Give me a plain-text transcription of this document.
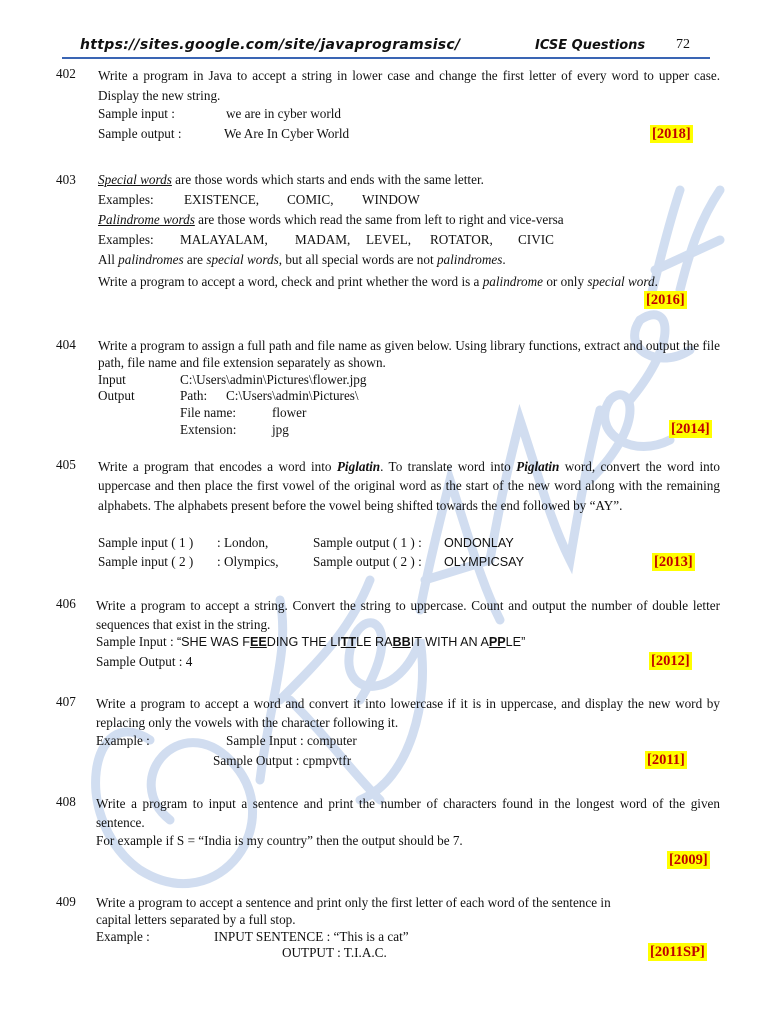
https://sites.google.com/site/javaprogramsisc/	ICSE Questions 72
402 Write a program in Java to accept a string in lower case and change the first letter of every word to upper case. Display the new string.
Sample input :	we are in cyber world
Sample output :	We Are In Cyber World	[2018]
403 Special words are those words which starts and ends with the same letter.
Examples: EXISTENCE, COMIC, WINDOW
Palindrome words are those words which read the same from left to right and vice-versa
Examples: MALAYALAM, MADAM, LEVEL, ROTATOR, CIVIC
All palindromes are special words, but all special words are not palindromes.
Write a program to accept a word, check and print whether the word is a palindrome or only special word.
[2016]
404 Write a program to assign a full path and file name as given below. Using library functions, extract and output the file path, file name and file extension separately as shown.
Input	C:\Users\admin\Pictures\flower.jpg
Output	Path: C:\Users\admin\Pictures\
File name:	flower
Extension:	jpg	[2014]
405 Write a program that encodes a word into Piglatin. To translate word into Piglatin word, convert the word into uppercase and then place the first vowel of the original word as the start of the new word along with the remaining alphabets. The alphabets present before the vowel being shifted towards the end followed by “AY”.
Sample input ( 1 ) : London,	Sample output ( 1 ) : ONDONLAY
Sample input ( 2 ) : Olympics,	Sample output ( 2 ) : OLYMPICSAY	[2013]
406 Write a program to accept a string. Convert the string to uppercase. Count and output the number of double letter sequences that exist in the string.
Sample Input : “SHE WAS FEEDING THE LITTLE RABBIT WITH AN APPLE”
Sample Output : 4	[2012]
407 Write a program to accept a word and convert it into lowercase if it is in uppercase, and display the new word by replacing only the vowels with the character following it.
Example :	Sample Input : computer
Sample Output : cpmpvtfr	[2011]
408 Write a program to input a sentence and print the number of characters found in the longest word of the given sentence.
For example if S = “India is my country” then the output should be 7.
[2009]
409 Write a program to accept a sentence and print only the first letter of each word of the sentence in capital letters separated by a full stop.
Example :	INPUT SENTENCE : “This is a cat”
OUTPUT : T.I.A.C.	[2011SP]
